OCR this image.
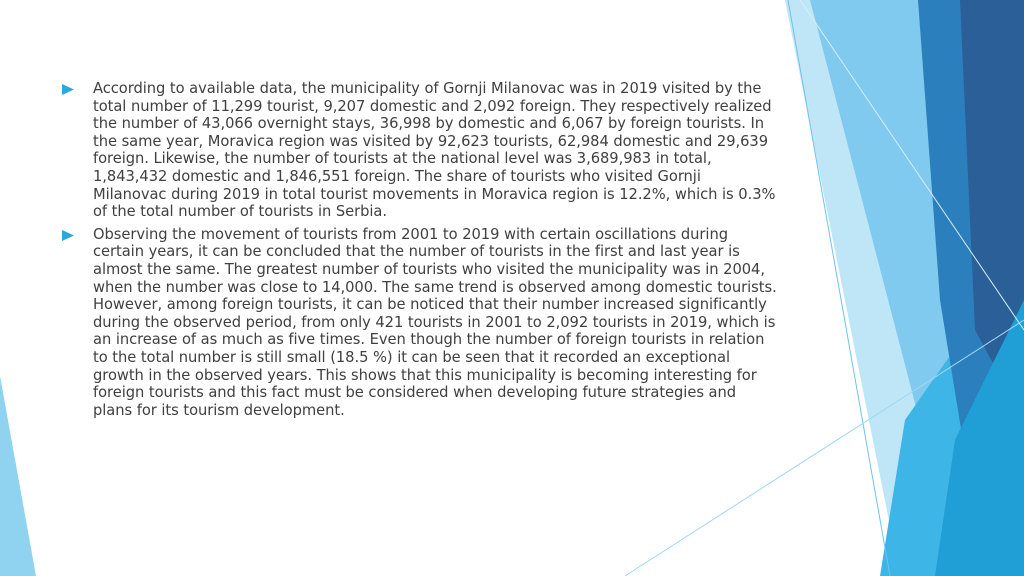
According to available data, the municipality of Gornji Milanovac was in 2019 visited by the total number of 11,299 tourist, 9,207 domestic and 2,092 foreign. They respectively realized the number of 43,066 overnight stays, 36,998 by domestic and 6,067 by foreign tourists. In the same year, Moravica region was visited by 92,623 tourists, 62,984 domestic and 29,639 foreign. Likewise, the number of tourists at the national level was 3,689,983 in total, 1,843,432 domestic and 1,846,551 foreign. The share of tourists who visited Gornji Milanovac during 2019 in total tourist movements in Moravica region is 12.2%, which is 0.3% of the total number of tourists in Serbia.
Observing the movement of tourists from 2001 to 2019 with certain oscillations during certain years, it can be concluded that the number of tourists in the first and last year is almost the same. The greatest number of tourists who visited the municipality was in 2004, when the number was close to 14,000. The same trend is observed among domestic tourists. However, among foreign tourists, it can be noticed that their number increased significantly during the observed period, from only 421 tourists in 2001 to 2,092 tourists in 2019, which is an increase of as much as five times. Even though the number of foreign tourists in relation to the total number is still small (18.5 %) it can be seen that it recorded an exceptional growth in the observed years. This shows that this municipality is becoming interesting for foreign tourists and this fact must be considered when developing future strategies and plans for its tourism development.
